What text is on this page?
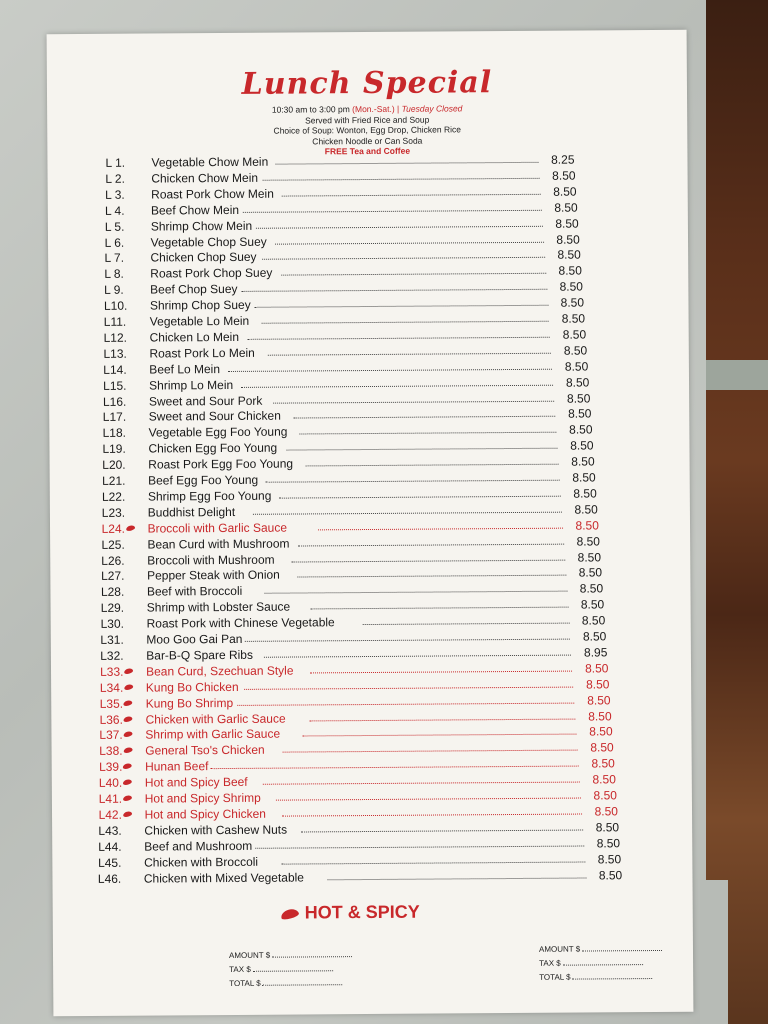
Lunch Special
10:30 am to 3:00 pm (Mon.-Sat.) | Tuesday Closed
Served with Fried Rice and Soup
Choice of Soup: Wonton, Egg Drop, Chicken Rice
Chicken Noodle or Can Soda
FREE Tea and Coffee
L 1.	Vegetable Chow Mein	8.25
L 2.	Chicken Chow Mein	8.50
L 3.	Roast Pork Chow Mein	8.50
L 4.	Beef Chow Mein	8.50
L 5.	Shrimp Chow Mein	8.50
L 6.	Vegetable Chop Suey	8.50
L 7.	Chicken Chop Suey	8.50
L 8.	Roast Pork Chop Suey	8.50
L 9.	Beef Chop Suey	8.50
L10.	Shrimp Chop Suey	8.50
L11.	Vegetable Lo Mein	8.50
L12.	Chicken Lo Mein	8.50
L13.	Roast Pork Lo Mein	8.50
L14.	Beef Lo Mein	8.50
L15.	Shrimp Lo Mein	8.50
L16.	Sweet and Sour Pork	8.50
L17.	Sweet and Sour Chicken	8.50
L18.	Vegetable Egg Foo Young	8.50
L19.	Chicken Egg Foo Young	8.50
L20.	Roast Pork Egg Foo Young	8.50
L21.	Beef Egg Foo Young	8.50
L22.	Shrimp Egg Foo Young	8.50
L23.	Buddhist Delight	8.50
L24.	Broccoli with Garlic Sauce	8.50
L25.	Bean Curd with Mushroom	8.50
L26.	Broccoli with Mushroom	8.50
L27.	Pepper Steak with Onion	8.50
L28.	Beef with Broccoli	8.50
L29.	Shrimp with Lobster Sauce	8.50
L30.	Roast Pork with Chinese Vegetable	8.50
L31.	Moo Goo Gai Pan	8.50
L32.	Bar-B-Q Spare Ribs	8.95
L33.	Bean Curd, Szechuan Style	8.50
L34.	Kung Bo Chicken	8.50
L35.	Kung Bo Shrimp	8.50
L36.	Chicken with Garlic Sauce	8.50
L37.	Shrimp with Garlic Sauce	8.50
L38.	General Tso's Chicken	8.50
L39.	Hunan Beef	8.50
L40.	Hot and Spicy Beef	8.50
L41.	Hot and Spicy Shrimp	8.50
L42.	Hot and Spicy Chicken	8.50
L43.	Chicken with Cashew Nuts	8.50
L44.	Beef and Mushroom	8.50
L45.	Chicken with Broccoli	8.50
L46.	Chicken with Mixed Vegetable	8.50
HOT & SPICY
AMOUNT $
TAX $
TOTAL $
AMOUNT $
TAX $
TOTAL $
